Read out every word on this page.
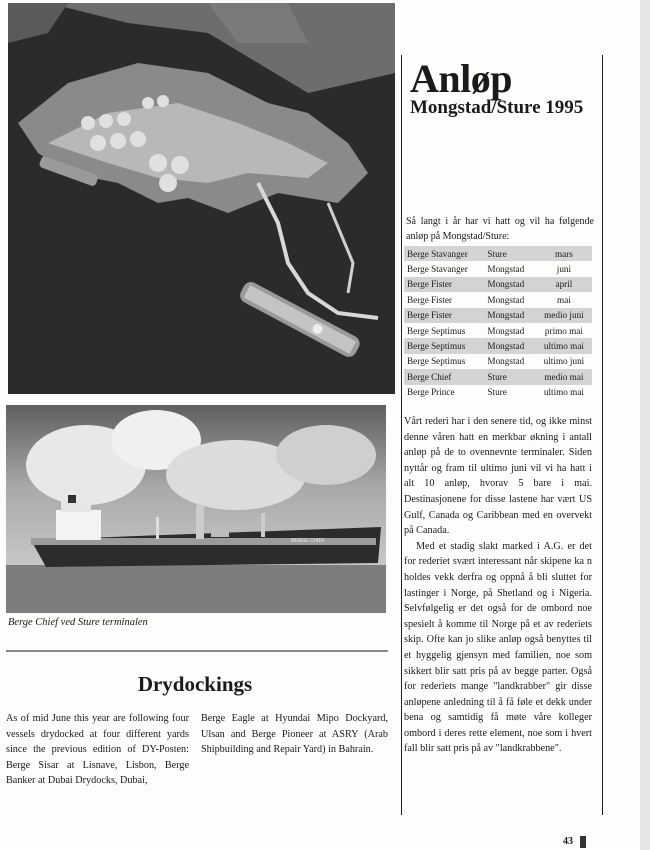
BERGE CHIEF
Berge Chief ved Sture terminalen
Drydockings
As of mid June this year are following four vessels drydocked at four different yards since the previous edition of DY-Posten: Berge Sisar at Lisnave, Lisbon, Berge Banker at Dubai Drydocks, Dubai,
Berge Eagle at Hyundai Mipo Dockyard, Ulsan and Berge Pioneer at ASRY (Arab Shipbuilding and Repair Yard) in Bahrain.
Anløp
Mongstad/Sture 1995
Så langt i år har vi hatt og vil ha følgende anløp på Mongstad/Sture:
Berge Stavanger	Sture	mars
Berge Stavanger	Mongstad	juni
Berge Fister	Mongstad	april
Berge Fister	Mongstad	mai
Berge Fister	Mongstad	medio juni
Berge Septimus	Mongstad	primo mai
Berge Septimus	Mongstad	ultimo mai
Berge Septimus	Mongstad	ultimo juni
Berge Chief	Sture	medio mai
Berge Prince	Sture	ultimo mai

Vårt rederi har i den senere tid, og ikke minst denne våren hatt en merkbar økning i antall anløp på de to ovennevnte terminaler. Siden nyttår og fram til ultimo juni vil vi ha hatt i alt 10 anløp, hvorav 5 bare i mai. Destinasjonene for disse lastene har vært US Gulf, Canada og Caribbean med en overvekt på Canada.

Med et stadig slakt marked i A.G. er det for rederiet svært interessant når skipene ka n holdes vekk derfra og oppnå å bli sluttet for lastinger i Norge, på Shetland og i Nigeria. Selvfølgelig er det også for de ombord noe spesielt å komme til Norge på et av rederiets skip. Ofte kan jo slike anløp også benyttes til et hyggelig gjensyn med familien, noe som sikkert blir satt pris på av begge parter. Også for rederiets mange "landkrabber" gir disse anløpene anledning til å få føle et dekk under bena og samtidig få møte våre kolleger ombord i deres rette element, noe som i hvert fall blir satt pris på av "landkrabbene".

43
